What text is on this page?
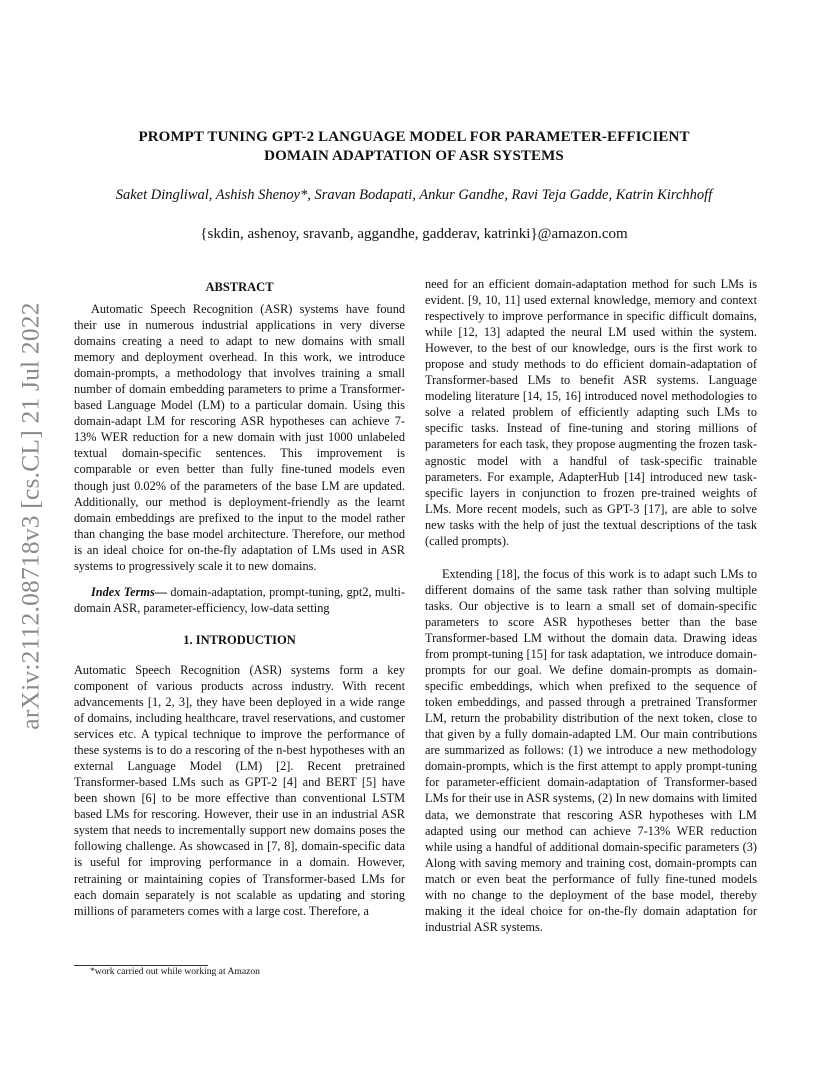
arXiv:2112.08718v3 [cs.CL] 21 Jul 2022
PROMPT TUNING GPT-2 LANGUAGE MODEL FOR PARAMETER-EFFICIENT
DOMAIN ADAPTATION OF ASR SYSTEMS
Saket Dingliwal, Ashish Shenoy*, Sravan Bodapati, Ankur Gandhe, Ravi Teja Gadde, Katrin Kirchhoff
{skdin, ashenoy, sravanb, aggandhe, gadderav, katrinki}@amazon.com
ABSTRACT

Automatic Speech Recognition (ASR) systems have found their use in numerous industrial applications in very diverse domains creating a need to adapt to new domains with small memory and deployment overhead. In this work, we introduce domain-prompts, a methodology that involves training a small number of domain embedding parameters to prime a Transformer-based Language Model (LM) to a particular domain. Using this domain-adapt LM for rescoring ASR hypotheses can achieve 7-13% WER reduction for a new domain with just 1000 unlabeled textual domain-specific sentences. This improvement is comparable or even better than fully fine-tuned models even though just 0.02% of the parameters of the base LM are updated. Additionally, our method is deployment-friendly as the learnt domain embeddings are prefixed to the input to the model rather than changing the base model architecture. Therefore, our method is an ideal choice for on-the-fly adaptation of LMs used in ASR systems to progressively scale it to new domains.

Index Terms— domain-adaptation, prompt-tuning, gpt2, multi-domain ASR, parameter-efficiency, low-data setting

1. INTRODUCTION

Automatic Speech Recognition (ASR) systems form a key component of various products across industry. With recent advancements [1, 2, 3], they have been deployed in a wide range of domains, including healthcare, travel reservations, and customer services etc. A typical technique to improve the performance of these systems is to do a rescoring of the n-best hypotheses with an external Language Model (LM) [2]. Recent pretrained Transformer-based LMs such as GPT-2 [4] and BERT [5] have been shown [6] to be more effective than conventional LSTM based LMs for rescoring. However, their use in an industrial ASR system that needs to incrementally support new domains poses the following challenge. As showcased in [7, 8], domain-specific data is useful for improving performance in a domain. However, retraining or maintaining copies of Transformer-based LMs for each domain separately is not scalable as updating and storing millions of parameters comes with a large cost. Therefore, a

need for an efficient domain-adaptation method for such LMs is evident. [9, 10, 11] used external knowledge, memory and context respectively to improve performance in specific difficult domains, while [12, 13] adapted the neural LM used within the system. However, to the best of our knowledge, ours is the first work to propose and study methods to do efficient domain-adaptation of Transformer-based LMs to benefit ASR systems. Language modeling literature [14, 15, 16] introduced novel methodologies to solve a related problem of efficiently adapting such LMs to specific tasks. Instead of fine-tuning and storing millions of parameters for each task, they propose augmenting the frozen task-agnostic model with a handful of task-specific trainable parameters. For example, AdapterHub [14] introduced new task-specific layers in conjunction to frozen pre-trained weights of LMs. More recent models, such as GPT-3 [17], are able to solve new tasks with the help of just the textual descriptions of the task (called prompts).

Extending [18], the focus of this work is to adapt such LMs to different domains of the same task rather than solving multiple tasks. Our objective is to learn a small set of domain-specific parameters to score ASR hypotheses better than the base Transformer-based LM without the domain data. Drawing ideas from prompt-tuning [15] for task adaptation, we introduce domain-prompts for our goal. We define domain-prompts as domain-specific embeddings, which when prefixed to the sequence of token embeddings, and passed through a pretrained Transformer LM, return the probability distribution of the next token, close to that given by a fully domain-adapted LM. Our main contributions are summarized as follows: (1) we introduce a new methodology domain-prompts, which is the first attempt to apply prompt-tuning for parameter-efficient domain-adaptation of Transformer-based LMs for their use in ASR systems, (2) In new domains with limited data, we demonstrate that rescoring ASR hypotheses with LM adapted using our method can achieve 7-13% WER reduction while using a handful of additional domain-specific parameters (3) Along with saving memory and training cost, domain-prompts can match or even beat the performance of fully fine-tuned models with no change to the deployment of the base model, thereby making it the ideal choice for on-the-fly domain adaptation for industrial ASR systems.

*work carried out while working at Amazon
